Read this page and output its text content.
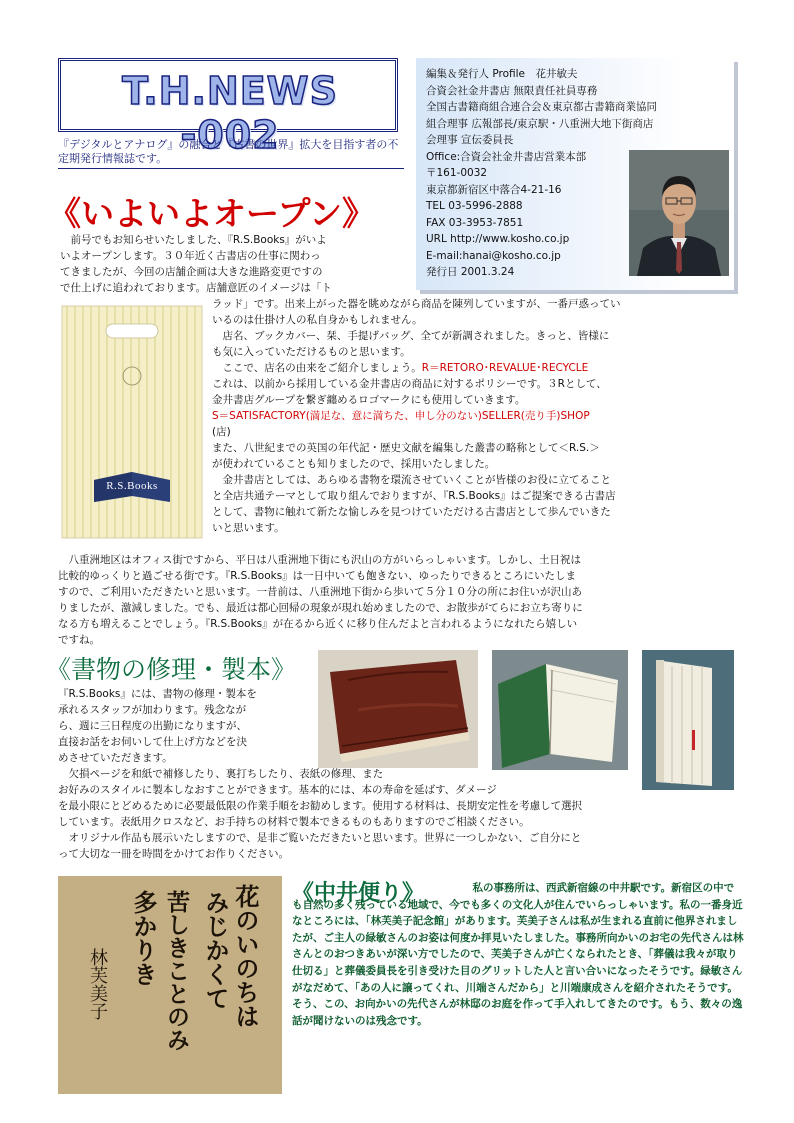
T.H.NEWS -002
『デジタルとアナログ』の融合と『古書の世界』拡大を目指す者の不定期発行情報誌です。
編集＆発行人 Profile　花井敏夫
合資会社金井書店 無限責任社員専務
全国古書籍商組合連合会＆東京都古書籍商業協同
組合理事 広報部長/東京駅・八重洲大地下街商店
会理事 宣伝委員長
Office:合資会社金井書店営業本部
〒161-0032
東京都新宿区中落合4-21-16
TEL 03-5996-2888
FAX 03-3953-7851
URL http://www.kosho.co.jp
E-mail:hanai@kosho.co.jp
発行日 2001.3.24
《いよいよオープン》
　前号でもお知らせいたしました、『R.S.Books』がいよ
いよオープンします。３０年近く古書店の仕事に関わっ
てきましたが、今回の店舗企画は大きな進路変更ですの
で仕上げに追われております。店舗意匠のイメージは「ト
R.S.Books
ラッド」です。出来上がった器を眺めながら商品を陳列していますが、一番戸惑ってい
いるのは仕掛け人の私自身かもしれません。
　店名、ブックカバー、栞、手提げバッグ、全てが新調されました。きっと、皆様に
も気に入っていただけるものと思います。
　ここで、店名の由来をご紹介しましょう。R＝RETORO･REVALUE･RECYCLE
これは、以前から採用している金井書店の商品に対するポリシーです。３Rとして、
金井書店グループを繋ぎ纏めるロゴマークにも使用していきます。
S＝SATISFACTORY(満足な、意に満ちた、申し分のない)SELLER(売り手)SHOP
(店)
また、八世紀までの英国の年代記・歴史文献を編集した叢書の略称として＜R.S.＞
が使われていることも知りましたので、採用いたしました。
　金井書店としては、あらゆる書物を環流させていくことが皆様のお役に立てること
と全店共通テーマとして取り組んでおりますが、『R.S.Books』はご提案できる古書店
として、書物に触れて新たな愉しみを見つけていただける古書店として歩んでいきた
いと思います。
　八重洲地区はオフィス街ですから、平日は八重洲地下街にも沢山の方がいらっしゃいます。しかし、土日祝は
比較的ゆっくりと過ごせる街です。『R.S.Books』は一日中いても飽きない、ゆったりできるところにいたしま
すので、ご利用いただきたいと思います。一昔前は、八重洲地下街から歩いて５分１０分の所にお住いが沢山あ
りましたが、激減しました。でも、最近は都心回帰の現象が現れ始めましたので、お散歩がてらにお立ち寄りに
なる方も増えることでしょう。『R.S.Books』が在るから近くに移り住んだよと言われるようになれたら嬉しい
ですね。
《書物の修理・製本》
『R.S.Books』には、書物の修理・製本を
承れるスタッフが加わります。残念なが
ら、週に三日程度の出勤になりますが、
直接お話をお伺いして仕上げ方などを決
めさせていただきます。
　欠損ページを和紙で補修したり、裏打ちしたり、表紙の修理、また
お好みのスタイルに製本しなおすことができます。基本的には、本の寿命を延ばす、ダメージ
を最小限にとどめるために必要最低限の作業手順をお勧めします。使用する材料は、長期安定性を考慮して選択
しています。表紙用クロスなど、お手持ちの材料で製本できるものもありますのでご相談ください。
　オリジナル作品も展示いたしますので、是非ご覧いただきたいと思います。世界に一つしかない、ご自分にと
って大切な一冊を時間をかけてお作りください。
花のいのちは
みじかくて
苦しきことのみ
多かりき
林芙美子
《中井便り》	　私の事務所は、西武新宿線の中井駅です。新宿区の中でも自然の多く残っている地域で、今でも多くの文化人が住んでいらっしゃいます。私の一番身近なところには、「林芙美子記念館」があります。芙美子さんは私が生まれる直前に他界されましたが、ご主人の緑敏さんのお姿は何度か拝見いたしました。事務所向かいのお宅の先代さんは林さんとのおつきあいが深い方でしたので、芙美子さんが亡くなられたとき、「葬儀は我々が取り仕切る」と葬儀委員長を引き受けた目のグリットした人と言い合いになったそうです。緑敏さんがなだめて、「あの人に譲ってくれ、川端さんだから」と川端康成さんを紹介されたそうです。そう、この、お向かいの先代さんが林邸のお庭を作って手入れしてきたのです。もう、数々の逸話が聞けないのは残念です。
